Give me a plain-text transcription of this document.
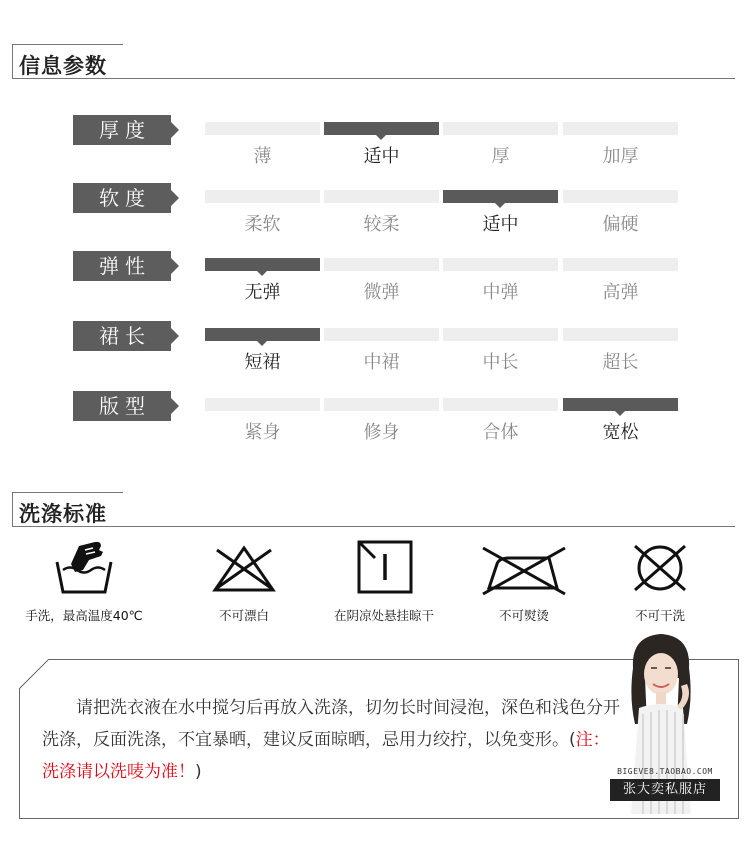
信息参数
厚度
薄	适中	厚	加厚
软度
柔软	较柔	适中	偏硬
弹性
无弹	微弹	中弹	高弹
裙长
短裙	中裙	中长	超长
版型
紧身	修身	合体	宽松
洗涤标准
手洗，最高温度40℃	不可漂白	在阴凉处悬挂晾干	不可熨烫	不可干洗
请把洗衣液在水中搅匀后再放入洗涤，切勿长时间浸泡，深色和浅色分开洗涤，反面洗涤，不宜暴晒，建议反面晾晒，忌用力绞拧，以免变形。(注：洗涤请以洗唛为准！)	BIGEVE8.TAOBAO.COM
张大奕私服店
